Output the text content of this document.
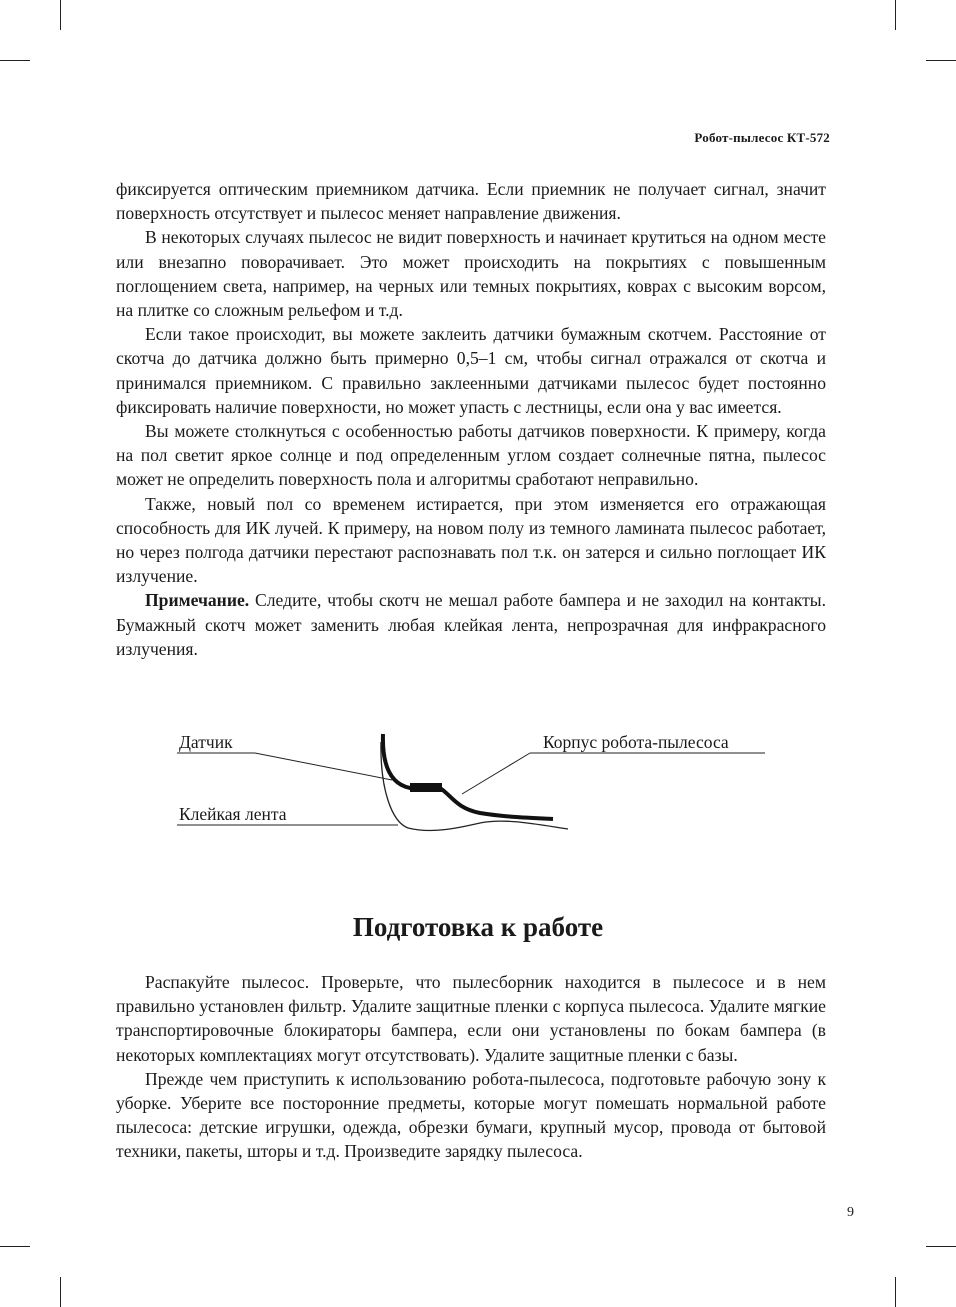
Робот-пылесос КТ-572

фиксируется оптическим приемником датчика. Если приемник не получает сигнал, значит поверхность отсутствует и пылесос меняет направление движения.

В некоторых случаях пылесос не видит поверхность и начинает крутиться на одном месте или внезапно поворачивает. Это может происходить на покрытиях с повышенным поглощением света, например, на черных или темных покрытиях, коврах с высоким ворсом, на плитке со сложным рельефом и т.д.

Если такое происходит, вы можете заклеить датчики бумажным скотчем. Расстояние от скотча до датчика должно быть примерно 0,5–1 см, чтобы сигнал отражался от скотча и принимался приемником. С правильно заклеенными датчиками пылесос будет постоянно фиксировать наличие поверхности, но может упасть с лестницы, если она у вас имеется.

Вы можете столкнуться с особенностью работы датчиков поверхности. К примеру, когда на пол светит яркое солнце и под определенным углом создает солнечные пятна, пылесос может не определить поверхность пола и алгоритмы сработают неправильно.

Также, новый пол со временем истирается, при этом изменяется его отражающая способность для ИК лучей. К примеру, на новом полу из темного ламината пылесос работает, но через полгода датчики перестают распознавать пол т.к. он затерся и сильно поглощает ИК излучение.

Примечание. Следите, чтобы скотч не мешал работе бампера и не заходил на контакты. Бумажный скотч может заменить любая клейкая лента, непрозрачная для инфракрасного излучения.

Датчик	Корпус робота-пылесоса
Клейкая лента
Подготовка к работе

Распакуйте пылесос. Проверьте, что пылесборник находится в пылесосе и в нем правильно установлен фильтр. Удалите защитные пленки с корпуса пылесоса. Удалите мягкие транспортировочные блокираторы бампера, если они установлены по бокам бампера (в некоторых комплектациях могут отсутствовать). Удалите защитные пленки с базы.

Прежде чем приступить к использованию робота-пылесоса, подготовьте рабочую зону к уборке. Уберите все посторонние предметы, которые могут помешать нормальной работе пылесоса: детские игрушки, одежда, обрезки бумаги, крупный мусор, провода от бытовой техники, пакеты, шторы и т.д. Произведите зарядку пылесоса.

9
